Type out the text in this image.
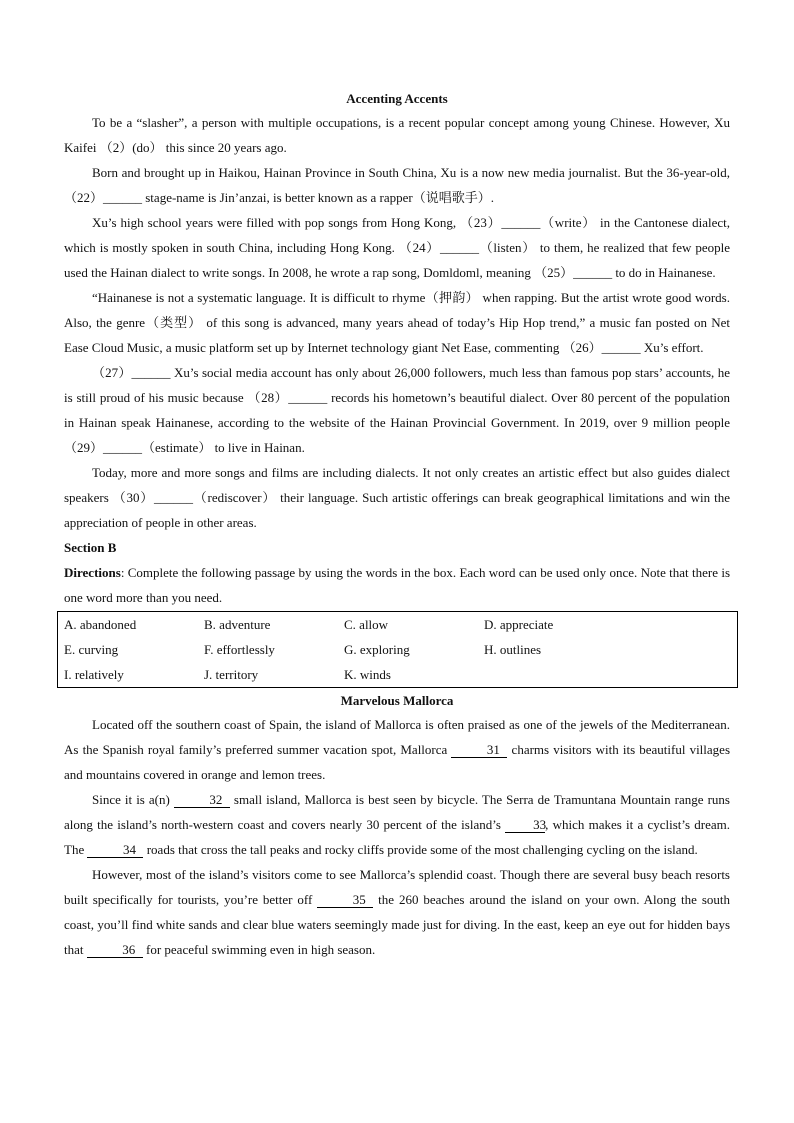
Accenting Accents

To be a “slasher”, a person with multiple occupations, is a recent popular concept among young Chinese. However, Xu Kaifei （2）(do） this since 20 years ago.

Born and brought up in Haikou, Hainan Province in South China, Xu is a now new media journalist. But the 36-year-old, （22）______ stage-name is Jin’anzai, is better known as a rapper（说唱歌手）.

Xu’s high school years were filled with pop songs from Hong Kong, （23）______（write） in the Cantonese dialect, which is mostly spoken in south China, including Hong Kong. （24）______（listen） to them, he realized that few people used the Hainan dialect to write songs. In 2008, he wrote a rap song, Domldoml, meaning （25）______ to do in Hainanese.

“Hainanese is not a systematic language. It is difficult to rhyme（押韵） when rapping. But the artist wrote good words. Also, the genre（类型） of this song is advanced, many years ahead of today’s Hip Hop trend,” a music fan posted on Net Ease Cloud Music, a music platform set up by Internet technology giant Net Ease, commenting （26）______ Xu’s effort.

（27）______ Xu’s social media account has only about 26,000 followers, much less than famous pop stars’ accounts, he is still proud of his music because （28）______ records his hometown’s beautiful dialect. Over 80 percent of the population in Hainan speak Hainanese, according to the website of the Hainan Provincial Government. In 2019, over 9 million people （29）______（estimate） to live in Hainan.

Today, more and more songs and films are including dialects. It not only creates an artistic effect but also guides dialect speakers （30）______（rediscover） their language. Such artistic offerings can break geographical limitations and win the appreciation of people in other areas.

Section B

Directions: Complete the following passage by using the words in the box. Each word can be used only once. Note that there is one word more than you need.

A. abandoned	B. adventure	C. allow	D. appreciate
E. curving	F. effortlessly	G. exploring	H. outlines
I. relatively	J. territory	K. winds
Marvelous Mallorca

Located off the southern coast of Spain, the island of Mallorca is often praised as one of the jewels of the Mediterranean. As the Spanish royal family’s preferred summer vacation spot, Mallorca	31 charms visitors with its beautiful villages and mountains covered in orange and lemon trees.

Since it is a(n)	32 small island, Mallorca is best seen by bicycle. The Serra de Tramuntana Mountain range runs along the island’s north-western coast and covers nearly 30 percent of the island’s 33, which makes it a cyclist’s dream. The	34 roads that cross the tall peaks and rocky cliffs provide some of the most challenging cycling on the island.

However, most of the island’s visitors come to see Mallorca’s splendid coast. Though there are several busy beach resorts built specifically for tourists, you’re better off	35 the 260 beaches around the island on your own. Along the south coast, you’ll find white sands and clear blue waters seemingly made just for diving. In the east, keep an eye out for hidden bays that	36 for peaceful swimming even in high season.
